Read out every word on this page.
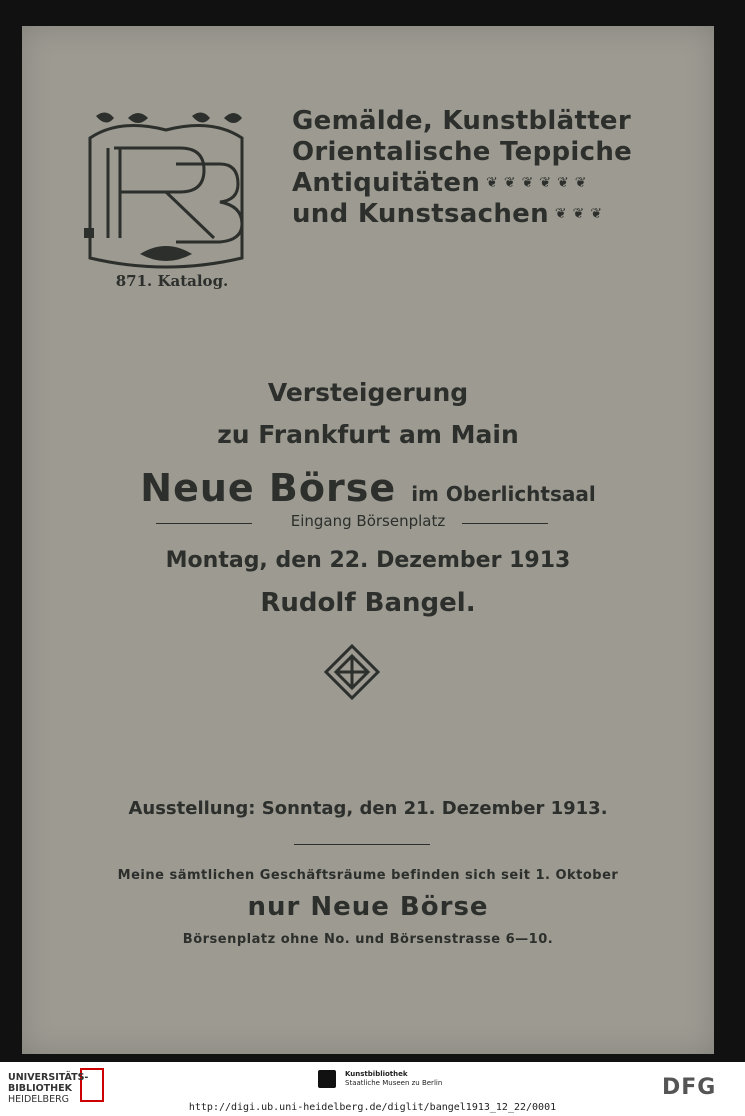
Gemälde, Kunstblätter
Orientalische Teppiche
Antiquitäten ❦❦❦❦❦❦
und Kunstsachen ❦❦❦
871. Katalog.
Versteigerung
zu Frankfurt am Main
Neue Börse im Oberlichtsaal
Eingang Börsenplatz
Montag, den 22. Dezember 1913
Rudolf Bangel.
Ausstellung: Sonntag, den 21. Dezember 1913.
Meine sämtlichen Geschäftsräume befinden sich seit 1. Oktober
nur Neue Börse
Börsenplatz ohne No. und Börsenstrasse 6—10.
UNIVERSITÄTS-
BIBLIOTHEK
HEIDELBERG
Kunstbibliothek
Staatliche Museen zu Berlin	DFG
http://digi.ub.uni-heidelberg.de/diglit/bangel1913_12_22/0001
